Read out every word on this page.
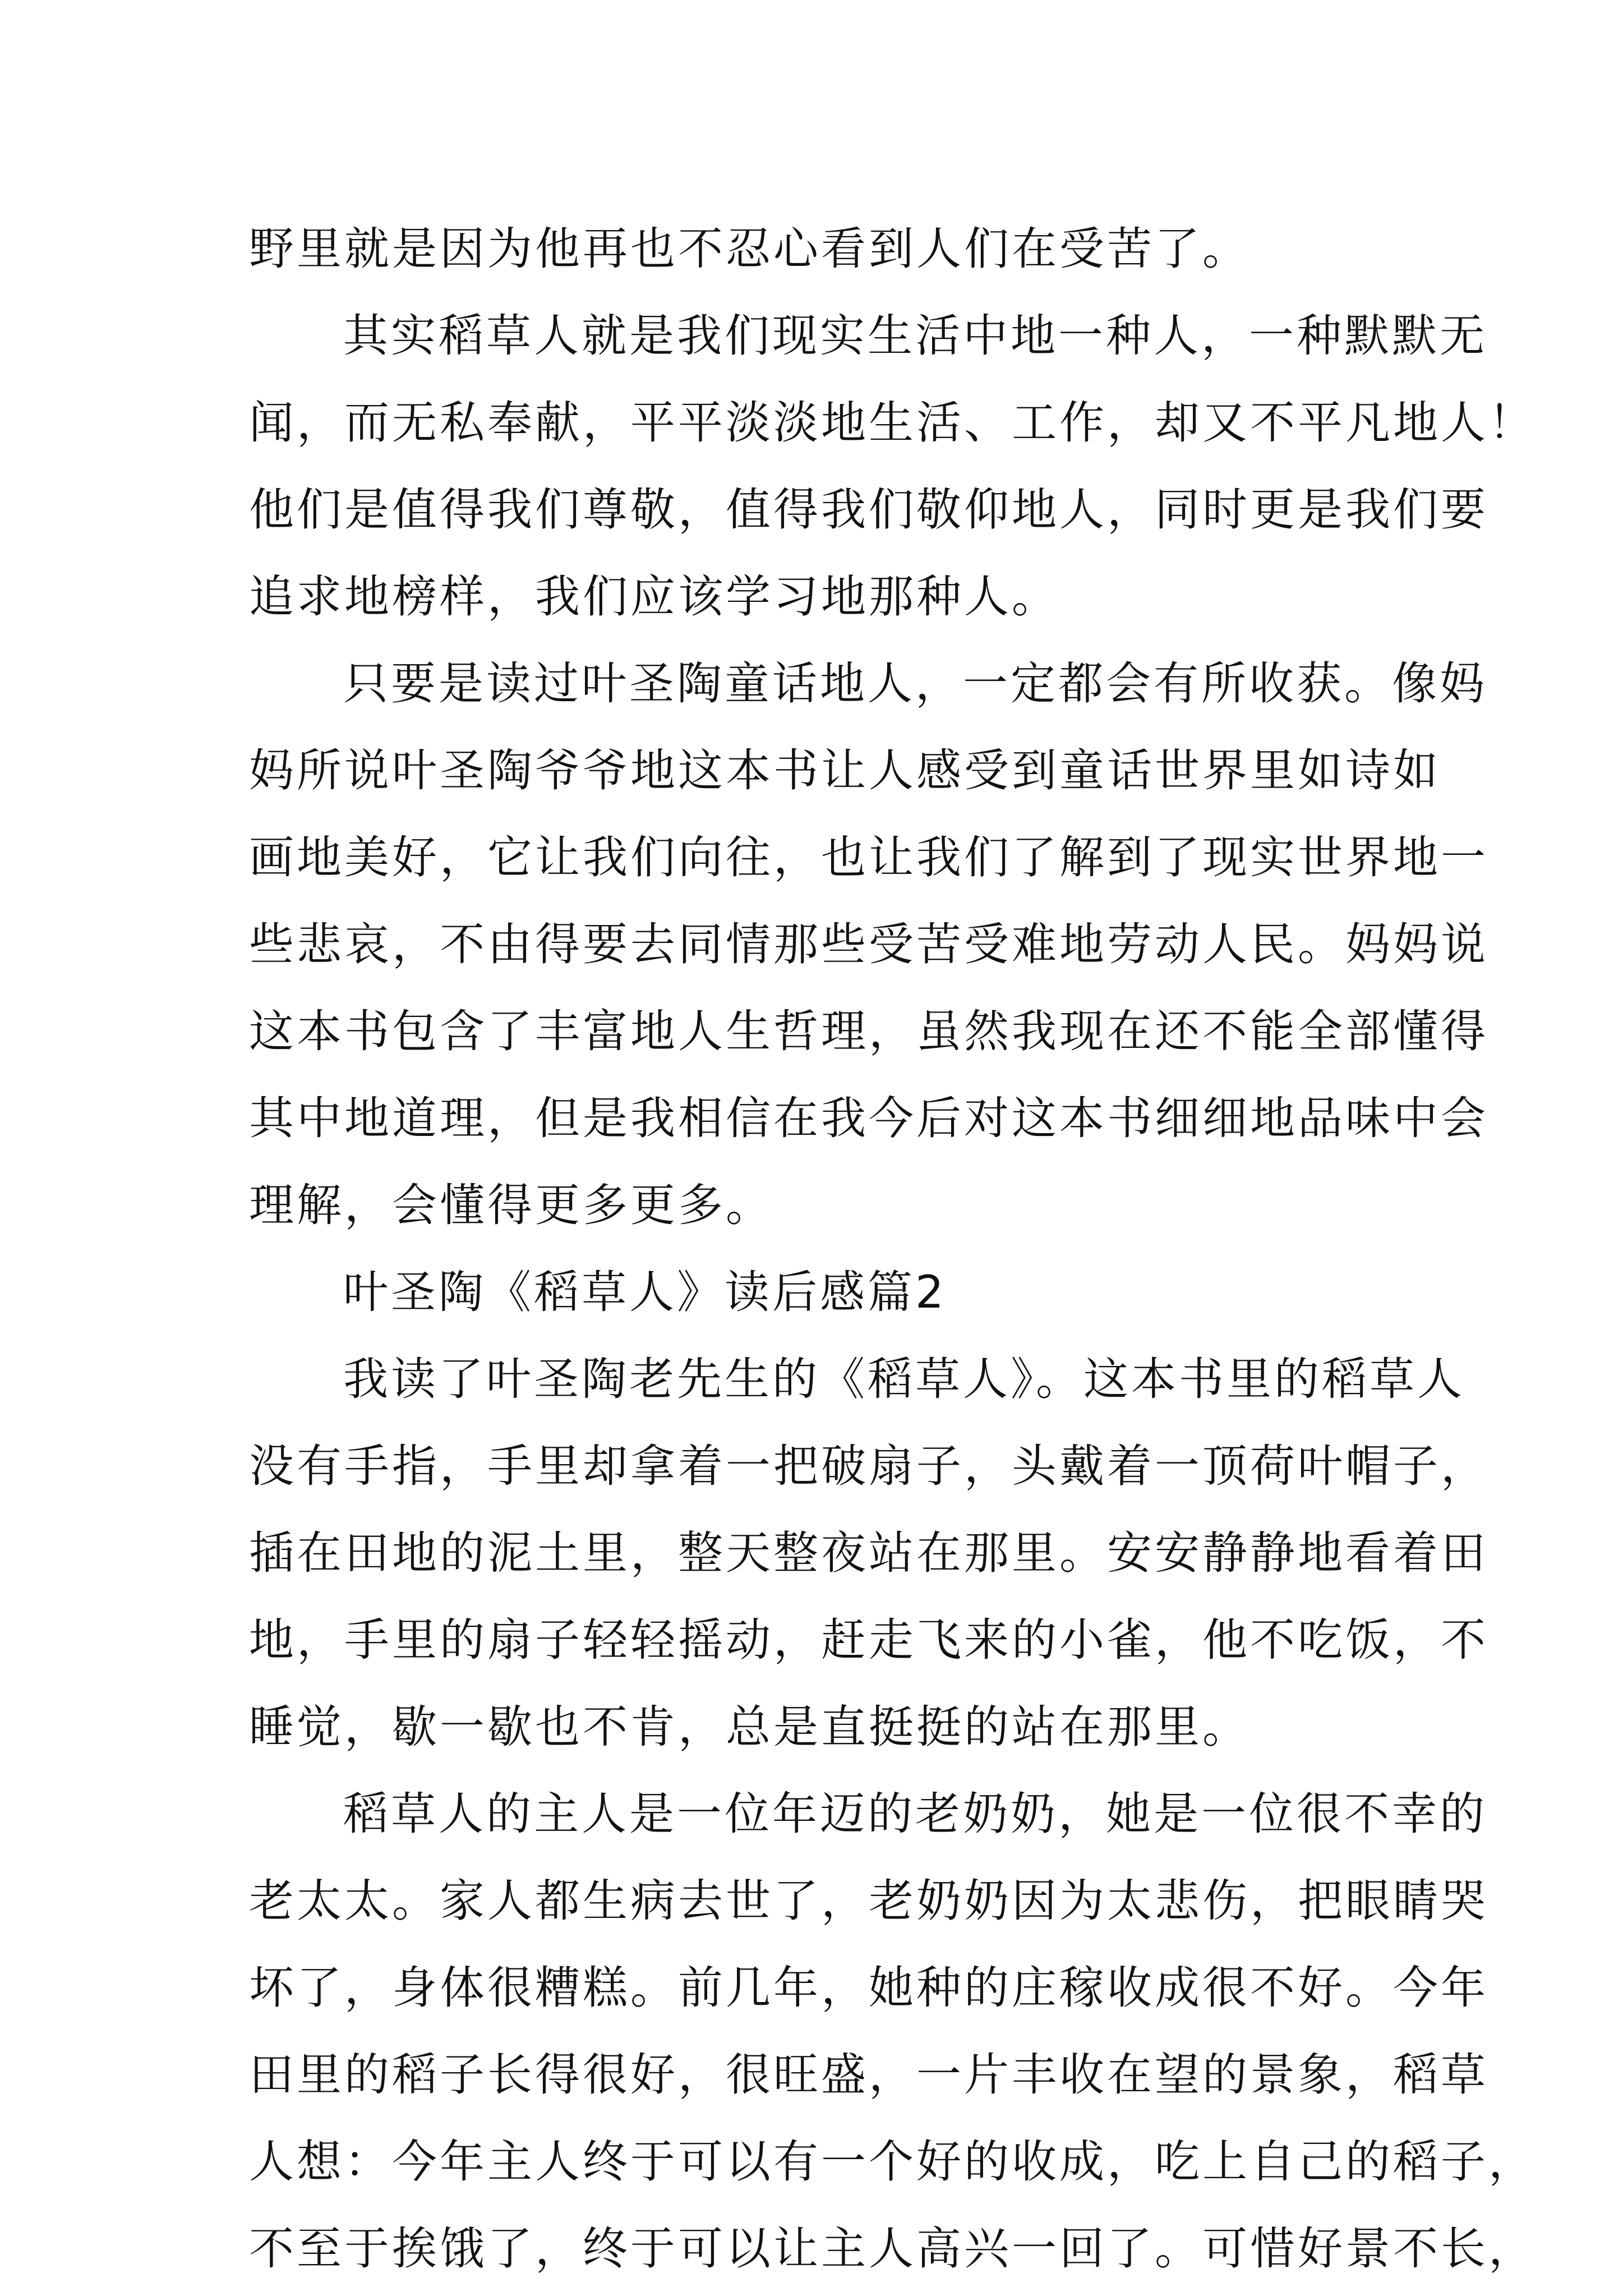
野里就是因为他再也不忍心看到人们在受苦了。
其实稻草人就是我们现实生活中地一种人，一种默默无
闻，而无私奉献，平平淡淡地生活、工作，却又不平凡地人！
他们是值得我们尊敬，值得我们敬仰地人，同时更是我们要
追求地榜样，我们应该学习地那种人。
只要是读过叶圣陶童话地人，一定都会有所收获。像妈
妈所说叶圣陶爷爷地这本书让人感受到童话世界里如诗如
画地美好，它让我们向往，也让我们了解到了现实世界地一
些悲哀，不由得要去同情那些受苦受难地劳动人民。妈妈说
这本书包含了丰富地人生哲理，虽然我现在还不能全部懂得
其中地道理，但是我相信在我今后对这本书细细地品味中会
理解，会懂得更多更多。
叶圣陶《稻草人》读后感篇2
我读了叶圣陶老先生的《稻草人》。这本书里的稻草人
没有手指，手里却拿着一把破扇子，头戴着一顶荷叶帽子，
插在田地的泥土里，整天整夜站在那里。安安静静地看着田
地，手里的扇子轻轻摇动，赶走飞来的小雀，他不吃饭，不
睡觉，歇一歇也不肯，总是直挺挺的站在那里。
稻草人的主人是一位年迈的老奶奶，她是一位很不幸的
老太太。家人都生病去世了，老奶奶因为太悲伤，把眼睛哭
坏了，身体很糟糕。前几年，她种的庄稼收成很不好。今年
田里的稻子长得很好，很旺盛，一片丰收在望的景象，稻草
人想：今年主人终于可以有一个好的收成，吃上自己的稻子，
不至于挨饿了，终于可以让主人高兴一回了。可惜好景不长，
